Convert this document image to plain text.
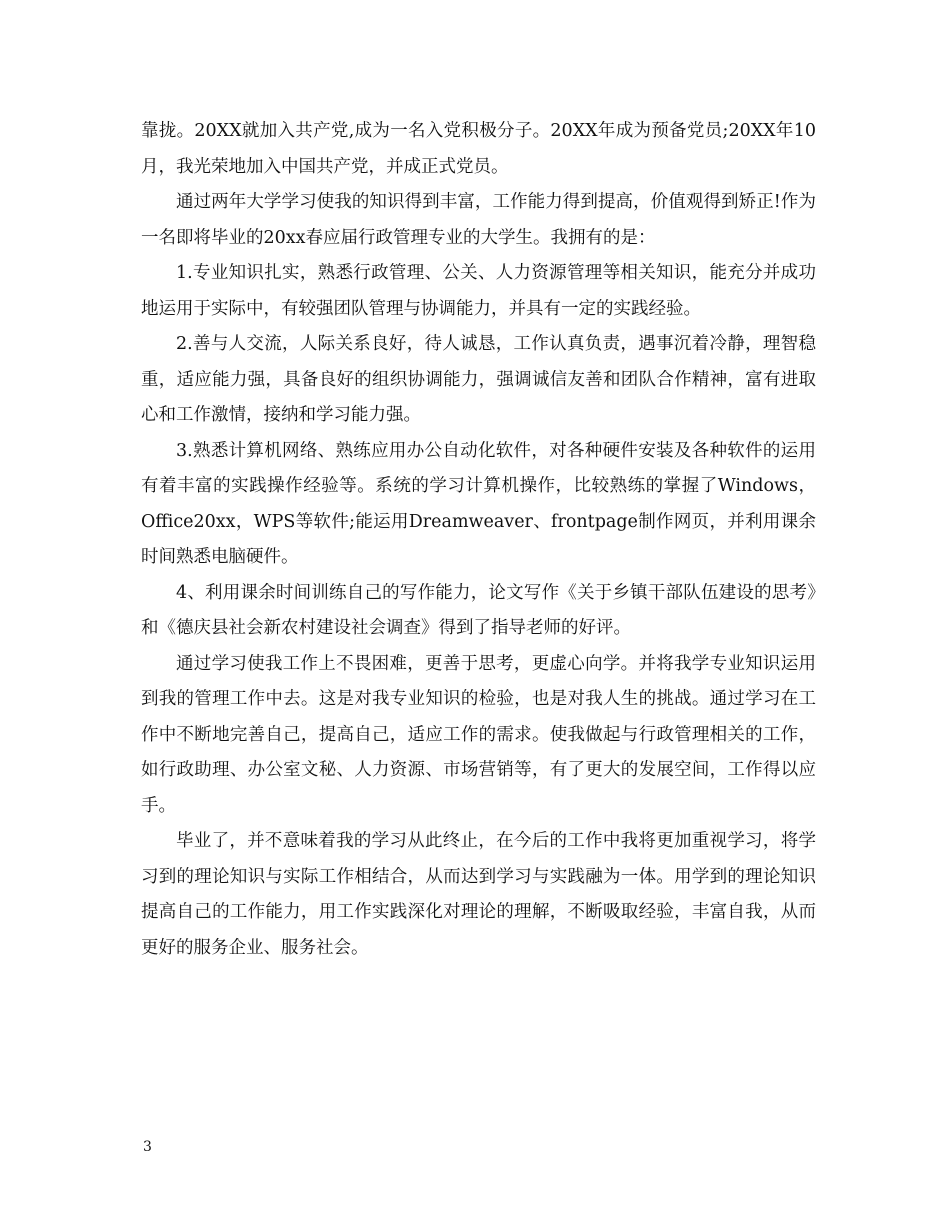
靠拢。20XX就加入共产党,成为一名入党积极分子。20XX年成为预备党员;20XX年10月，我光荣地加入中国共产党，并成正式党员。

通过两年大学学习使我的知识得到丰富，工作能力得到提高，价值观得到矫正!作为一名即将毕业的20xx春应届行政管理专业的大学生。我拥有的是：

1.专业知识扎实，熟悉行政管理、公关、人力资源管理等相关知识，能充分并成功地运用于实际中，有较强团队管理与协调能力，并具有一定的实践经验。

2.善与人交流，人际关系良好，待人诚恳，工作认真负责，遇事沉着冷静，理智稳重，适应能力强，具备良好的组织协调能力，强调诚信友善和团队合作精神，富有进取心和工作激情，接纳和学习能力强。

3.熟悉计算机网络、熟练应用办公自动化软件，对各种硬件安装及各种软件的运用有着丰富的实践操作经验等。系统的学习计算机操作，比较熟练的掌握了Windows， Office20xx，WPS等软件;能运用Dreamweaver、frontpage制作网页，并利用课余时间熟悉电脑硬件。

4、利用课余时间训练自己的写作能力，论文写作《关于乡镇干部队伍建设的思考》和《德庆县社会新农村建设社会调查》得到了指导老师的好评。

通过学习使我工作上不畏困难，更善于思考，更虚心向学。并将我学专业知识运用到我的管理工作中去。这是对我专业知识的检验，也是对我人生的挑战。通过学习在工作中不断地完善自己，提高自己，适应工作的需求。使我做起与行政管理相关的工作，如行政助理、办公室文秘、人力资源、市场营销等，有了更大的发展空间，工作得以应手。

毕业了，并不意味着我的学习从此终止，在今后的工作中我将更加重视学习，将学习到的理论知识与实际工作相结合，从而达到学习与实践融为一体。用学到的理论知识提高自己的工作能力，用工作实践深化对理论的理解，不断吸取经验，丰富自我，从而更好的服务企业、服务社会。

3
